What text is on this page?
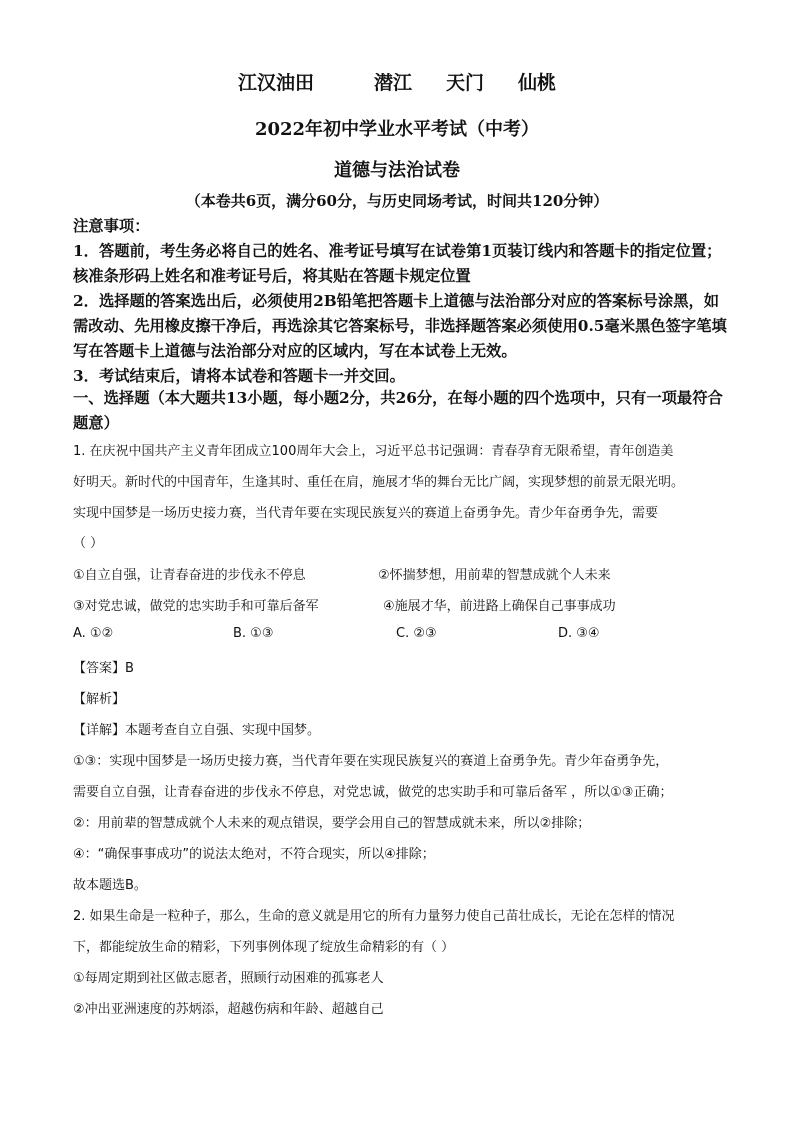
江汉油田	潜江 天门 仙桃
2022年初中学业水平考试（中考）
道德与法治试卷
（本卷共6页，满分60分，与历史同场考试，时间共120分钟）

注意事项：

1．答题前，考生务必将自己的姓名、准考证号填写在试卷第1页装订线内和答题卡的指定位置；核准条形码上姓名和准考证号后，将其贴在答题卡规定位置

2．选择题的答案选出后，必须使用2B铅笔把答题卡上道德与法治部分对应的答案标号涂黑，如需改动、先用橡皮擦干净后，再选涂其它答案标号，非选择题答案必须使用0.5毫米黑色签字笔填写在答题卡上道德与法治部分对应的区域内，写在本试卷上无效。

3．考试结束后，请将本试卷和答题卡一并交回。

一、选择题（本大题共13小题，每小题2分，共26分，在每小题的四个选项中，只有一项最符合题意）

1. 在庆祝中国共产主义青年团成立100周年大会上，习近平总书记强调：青春孕育无限希望，青年创造美

好明天。新时代的中国青年，生逢其时、重任在肩，施展才华的舞台无比广阔，实现梦想的前景无限光明。

实现中国梦是一场历史接力赛，当代青年要在实现民族复兴的赛道上奋勇争先。青少年奋勇争先，需要

（ ）

①自立自强，让青春奋进的步伐永不停息	②怀揣梦想，用前辈的智慧成就个人未来

③对党忠诚，做党的忠实助手和可靠后备军	④施展才华，前进路上确保自己事事成功

A. ①②	B. ①③	C. ②③	D. ③④

【答案】B

【解析】

【详解】本题考查自立自强、实现中国梦。

①③：实现中国梦是一场历史接力赛，当代青年要在实现民族复兴的赛道上奋勇争先。青少年奋勇争先，

需要自立自强，让青春奋进的步伐永不停息，对党忠诚，做党的忠实助手和可靠后备军 ，所以①③正确；

②：用前辈的智慧成就个人未来的观点错误，要学会用自己的智慧成就未来，所以②排除；

④：“确保事事成功”的说法太绝对，不符合现实，所以④排除；

故本题选B。

2. 如果生命是一粒种子，那么，生命的意义就是用它的所有力量努力使自己苗壮成长，无论在怎样的情况

下，都能绽放生命的精彩，下列事例体现了绽放生命精彩的有（ ）

①每周定期到社区做志愿者，照顾行动困难的孤寡老人

②冲出亚洲速度的苏炳添，超越伤病和年龄、超越自己
